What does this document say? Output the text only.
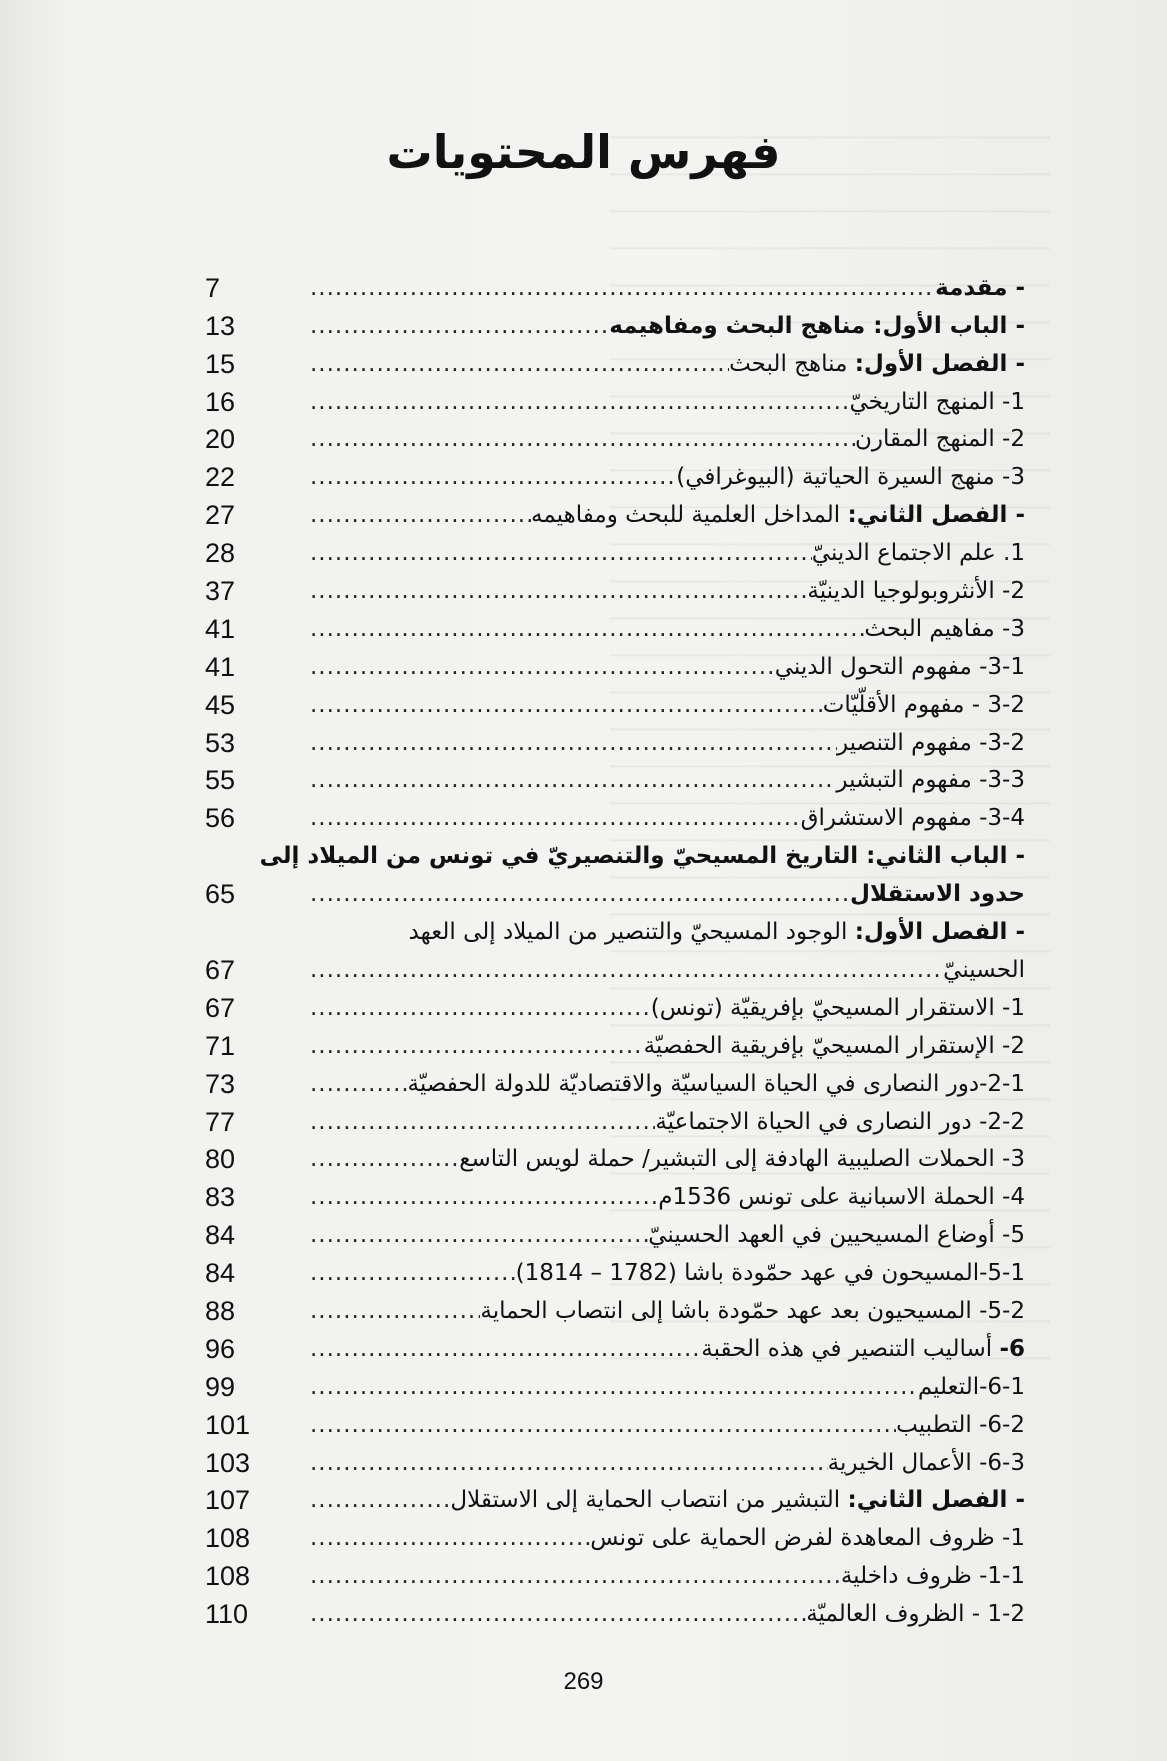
فهرس المحتويات
- مقدمة
.....
7
- الباب الأول: مناهج البحث ومفاهيمه
.....
13
- الفصل الأول: مناهج البحث
.....
15
1- المنهج التاريخيّ
.....
16
2- المنهج المقارن
.....
20
3- منهج السيرة الحياتية (البيوغرافي)
.....
22
- الفصل الثاني: المداخل العلمية للبحث ومفاهيمه
.....
27
1. علم الاجتماع الدينيّ
.....
28
2- الأنثروبولوجيا الدينيّة
.....
37
3- مفاهيم البحث
.....
41
3-1- مفهوم التحول الديني
.....
41
3-2 - مفهوم الأقلّيّات
.....
45
3-2- مفهوم التنصير
.....
53
3-3- مفهوم التبشير
.....
55
3-4- مفهوم الاستشراق
.....
56
- الباب الثاني: التاريخ المسيحيّ والتنصيريّ في تونس من الميلاد إلى
حدود الاستقلال
.....
65
- الفصل الأول: الوجود المسيحيّ والتنصير من الميلاد إلى العهد
الحسينيّ
.....
67
1- الاستقرار المسيحيّ بإفريقيّة (تونس)
.....
67
2- الإستقرار المسيحيّ بإفريقية الحفصيّة
.....
71
2-1-دور النصارى في الحياة السياسيّة والاقتصاديّة للدولة الحفصيّة
.....
73
2-2- دور النصارى في الحياة الاجتماعيّة
.....
77
3- الحملات الصليبية الهادفة إلى التبشير/ حملة لويس التاسع
.....
80
4- الحملة الاسبانية على تونس 1536م
.....
83
5- أوضاع المسيحيين في العهد الحسينيّ
.....
84
5-1-المسيحون في عهد حمّودة باشا (1782 – 1814)
.....
84
5-2- المسيحيون بعد عهد حمّودة باشا إلى انتصاب الحماية
.....
88
6- أساليب التنصير في هذه الحقبة
.....
96
6-1-التعليم
.....
99
6-2- التطبيب
.....
101
6-3- الأعمال الخيرية
.....
103
- الفصل الثاني: التبشير من انتصاب الحماية إلى الاستقلال
.....
107
1- ظروف المعاهدة لفرض الحماية على تونس
.....
108
1-1- ظروف داخلية
.....
108
1-2 - الظروف العالميّة
.....
110
269
